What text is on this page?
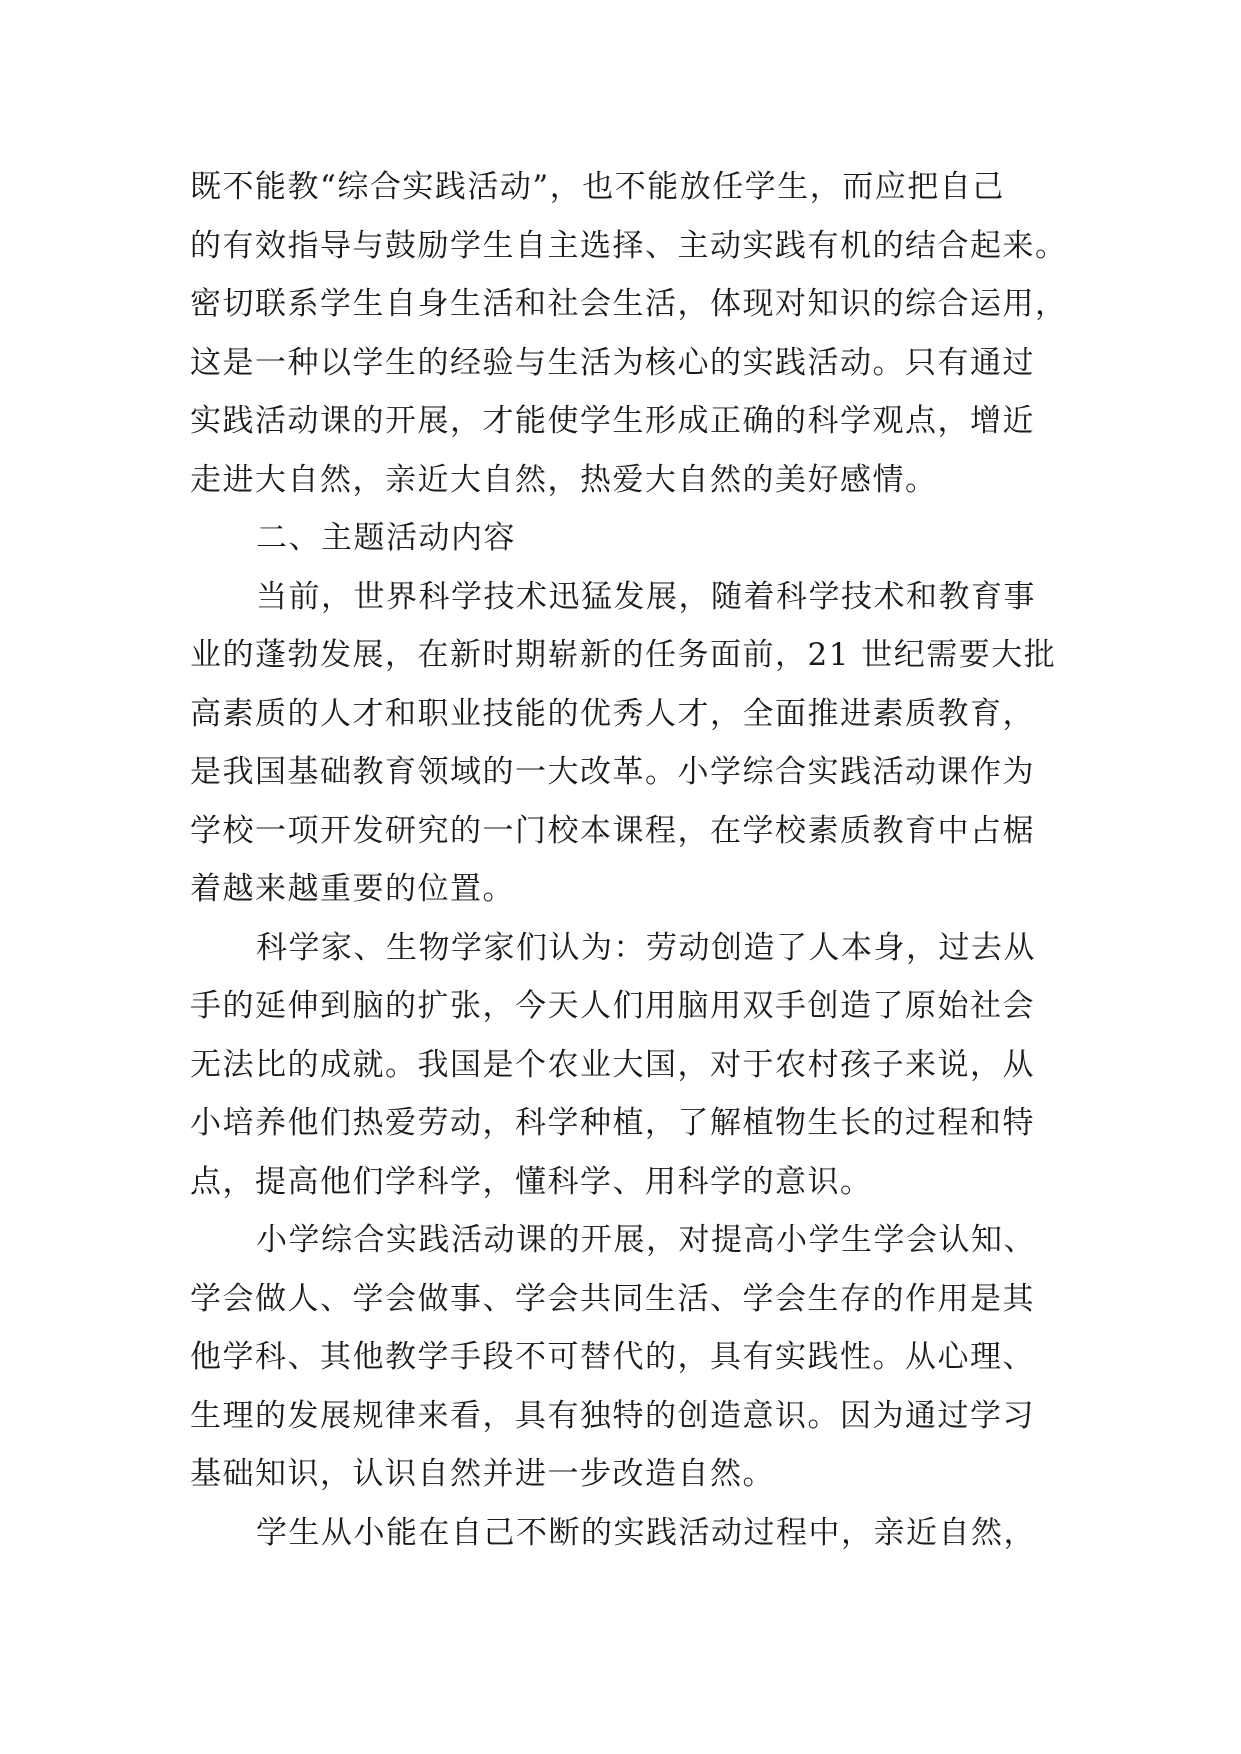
既不能教“综合实践活动”，也不能放任学生，而应把自己
的有效指导与鼓励学生自主选择、主动实践有机的结合起来。
密切联系学生自身生活和社会生活，体现对知识的综合运用，
这是一种以学生的经验与生活为核心的实践活动。只有通过
实践活动课的开展，才能使学生形成正确的科学观点，增近
走进大自然，亲近大自然，热爱大自然的美好感情。
二、主题活动内容
当前，世界科学技术迅猛发展，随着科学技术和教育事
业的蓬勃发展，在新时期崭新的任务面前，21 世纪需要大批
高素质的人才和职业技能的优秀人才，全面推进素质教育，
是我国基础教育领域的一大改革。小学综合实践活动课作为
学校一项开发研究的一门校本课程，在学校素质教育中占椐
着越来越重要的位置。
科学家、生物学家们认为：劳动创造了人本身，过去从
手的延伸到脑的扩张，今天人们用脑用双手创造了原始社会
无法比的成就。我国是个农业大国，对于农村孩子来说，从
小培养他们热爱劳动，科学种植，了解植物生长的过程和特
点，提高他们学科学，懂科学、用科学的意识。
小学综合实践活动课的开展，对提高小学生学会认知、
学会做人、学会做事、学会共同生活、学会生存的作用是其
他学科、其他教学手段不可替代的，具有实践性。从心理、
生理的发展规律来看，具有独特的创造意识。因为通过学习
基础知识，认识自然并进一步改造自然。
学生从小能在自己不断的实践活动过程中，亲近自然，
